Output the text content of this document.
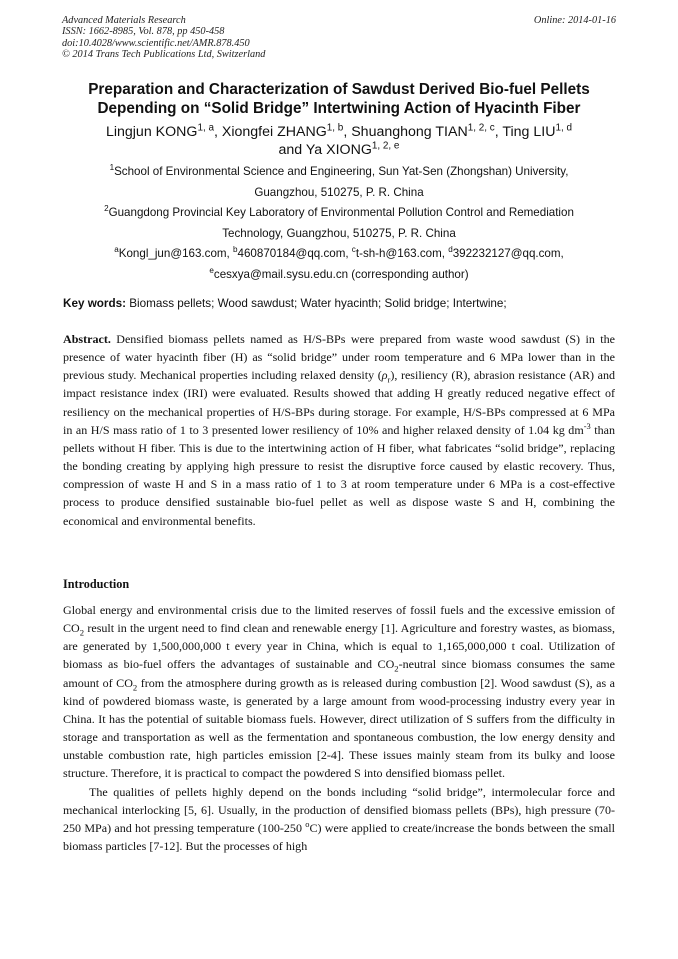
Advanced Materials Research
ISSN: 1662-8985, Vol. 878, pp 450-458
doi:10.4028/www.scientific.net/AMR.878.450
© 2014 Trans Tech Publications Ltd, Switzerland
Online: 2014-01-16
Preparation and Characterization of Sawdust Derived Bio-fuel Pellets
Depending on “Solid Bridge” Intertwining Action of Hyacinth Fiber
Lingjun KONG$^{1, a}$, Xiongfei ZHANG$^{1, b}$, Shuanghong TIAN$^{1, 2, c}$, Ting LIU$^{1, d}$
and Ya XIONG$^{1, 2, e}$
$^1$School of Environmental Science and Engineering, Sun Yat-Sen (Zhongshan) University,
Guangzhou, 510275, P. R. China
$^2$Guangdong Provincial Key Laboratory of Environmental Pollution Control and Remediation
Technology, Guangzhou, 510275, P. R. China
$^a$Kongl_jun@163.com, $^b$460870184@qq.com, $^c$t-sh-h@163.com, $^d$392232127@qq.com,
$^e$cesxya@mail.sysu.edu.cn (corresponding author)
Key words: Biomass pellets; Wood sawdust; Water hyacinth; Solid bridge; Intertwine;
Abstract. Densified biomass pellets named as H/S-BPs were prepared from waste wood sawdust (S) in the presence of water hyacinth fiber (H) as “solid bridge” under room temperature and 6 MPa lower than in the previous study. Mechanical properties including relaxed density $(\rho_r)$, resiliency (R), abrasion resistance (AR) and impact resistance index (IRI) were evaluated. Results showed that adding H greatly reduced negative effect of resiliency on the mechanical properties of H/S-BPs during storage. For example, H/S-BPs compressed at 6 MPa in an H/S mass ratio of 1 to 3 presented lower resiliency of 10% and higher relaxed density of 1.04 kg $dm^{-3}$ than pellets without H fiber. This is due to the intertwining action of H fiber, what fabricates “solid bridge”, replacing the bonding creating by applying high pressure to resist the disruptive force caused by elastic recovery. Thus, compression of waste H and S in a mass ratio of 1 to 3 at room temperature under 6 MPa is a cost-effective process to produce densified sustainable bio-fuel pellet as well as dispose waste S and H, combining the economical and environmental benefits.
Introduction

Global energy and environmental crisis due to the limited reserves of fossil fuels and the excessive emission of $CO_2$ result in the urgent need to find clean and renewable energy [1]. Agriculture and forestry wastes, as biomass, are generated by 1,500,000,000 t every year in China, which is equal to 1,165,000,000 t coal. Utilization of biomass as bio-fuel offers the advantages of sustainable and $CO_2$-neutral since biomass consumes the same amount of $CO_2$ from the atmosphere during growth as is released during combustion [2]. Wood sawdust (S), as a kind of powdered biomass waste, is generated by a large amount from wood-processing industry every year in China. It has the potential of suitable biomass fuels. However, direct utilization of S suffers from the difficulty in storage and transportation as well as the fermentation and spontaneous combustion, the low energy density and unstable combustion rate, high particles emission [2-4]. These issues mainly steam from its bulky and loose structure. Therefore, it is practical to compact the powdered S into densified biomass pellet.

The qualities of pellets highly depend on the bonds including “solid bridge”, intermolecular force and mechanical interlocking [5, 6]. Usually, in the production of densified biomass pellets (BPs), high pressure (70-250 MPa) and hot pressing temperature (100-250 $^o$C) were applied to create/increase the bonds between the small biomass particles [7-12]. But the processes of high
